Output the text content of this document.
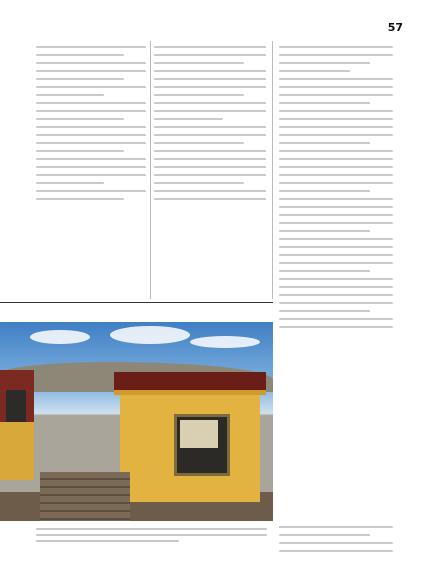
57
